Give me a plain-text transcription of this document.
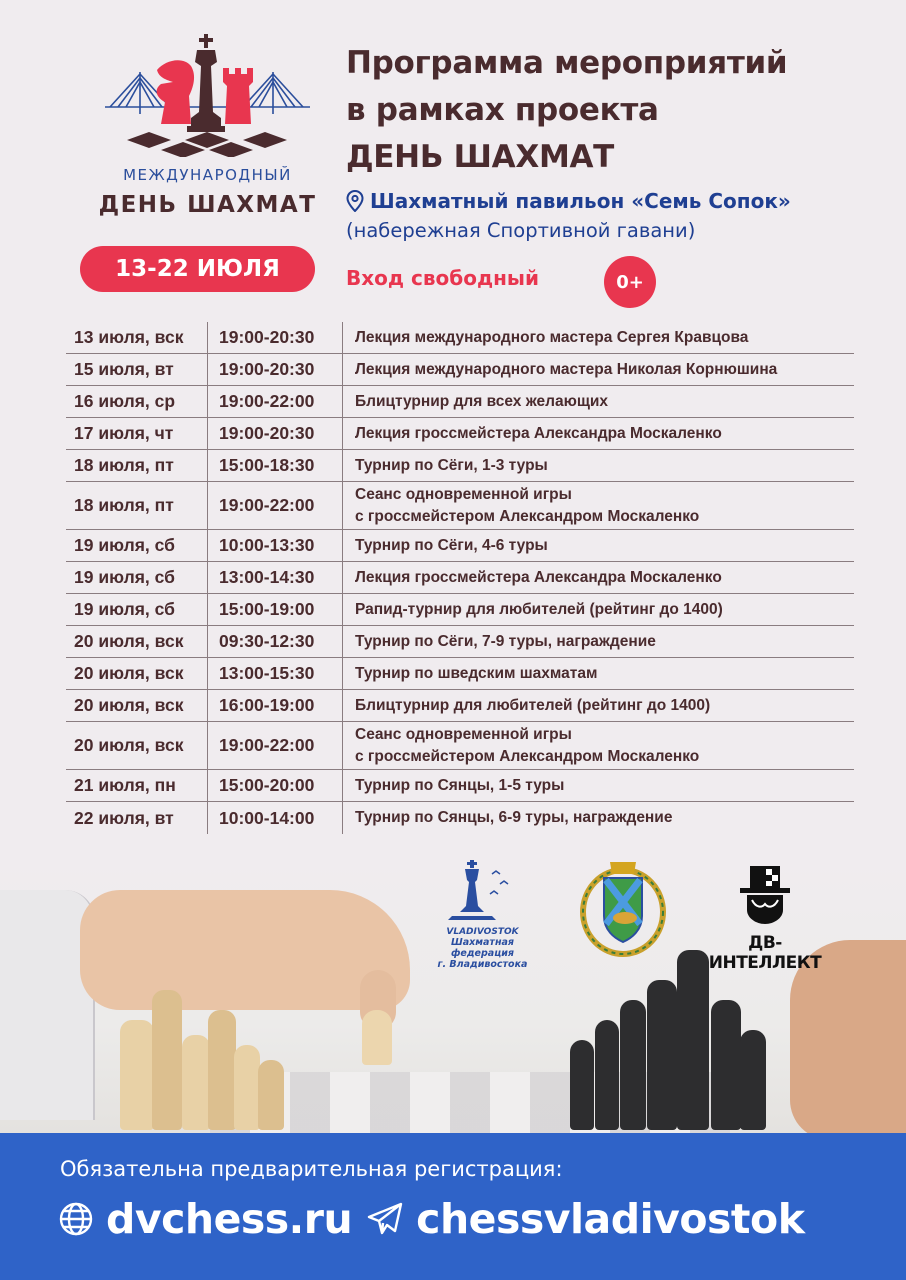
МЕЖДУНАРОДНЫЙ
ДЕНЬ ШАХМАТ
13-22 ИЮЛЯ
Программа мероприятий
в рамках проекта
ДЕНЬ ШАХМАТ
Шахматный павильон «Семь Сопок»
(набережная Спортивной гавани)
Вход свободный	0+
13 июля, вск	19:00-20:30	Лекция международного мастера Сергея Кравцова
15 июля, вт	19:00-20:30	Лекция международного мастера Николая Корнюшина
16 июля, ср	19:00-22:00	Блицтурнир для всех желающих
17 июля, чт	19:00-20:30	Лекция гроссмейстера Александра Москаленко
18 июля, пт	15:00-18:30	Турнир по Сёги, 1-3 туры
18 июля, пт	19:00-22:00
Сеанс одновременной игры
с гроссмейстером Александром Москаленко
19 июля, сб	10:00-13:30	Турнир по Сёги, 4-6 туры
19 июля, сб	13:00-14:30	Лекция гроссмейстера Александра Москаленко
19 июля, сб	15:00-19:00	Рапид-турнир для любителей (рейтинг до 1400)
20 июля, вск	09:30-12:30	Турнир по Сёги, 7-9 туры, награждение
20 июля, вск	13:00-15:30	Турнир по шведским шахматам
20 июля, вск	16:00-19:00	Блицтурнир для любителей (рейтинг до 1400)
20 июля, вск	19:00-22:00
Сеанс одновременной игры
с гроссмейстером Александром Москаленко
21 июля, пн	15:00-20:00	Турнир по Сянцы, 1-5 туры
22 июля, вт	10:00-14:00	Турнир по Сянцы, 6-9 туры, награждение
VLADIVOSTOK
Шахматная федерация
г. Владивостока
ДВ-ИНТЕЛЛЕКТ
Обязательна предварительная регистрация:
dvchess.ru chessvladivostok
